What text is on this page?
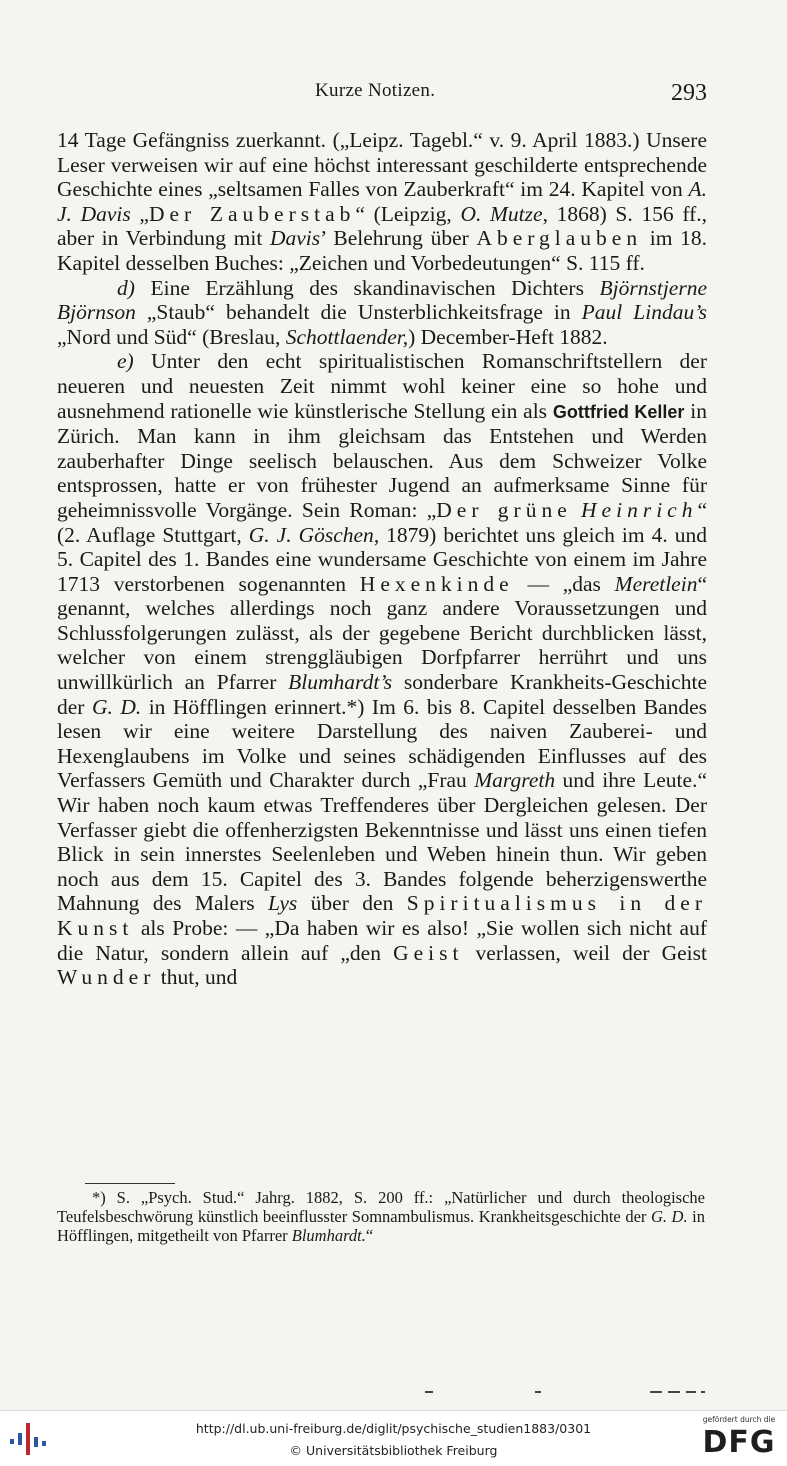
Kurze Notizen.	293

14 Tage Gefängniss zuerkannt. („Leipz. Tagebl.“ v. 9. April 1883.) Unsere Leser verweisen wir auf eine höchst interessant geschilderte entsprechende Geschichte eines „seltsamen Falles von Zauberkraft“ im 24. Kapitel von A. J. Davis „Der Zauberstab“ (Leipzig, O. Mutze, 1868) S. 156 ff., aber in Verbindung mit Davis’ Belehrung über Aberglauben im 18. Kapitel desselben Buches: „Zeichen und Vorbedeutungen“ S. 115 ff.

d) Eine Erzählung des skandinavischen Dichters Björnstjerne Björnson „Staub“ behandelt die Unsterblichkeitsfrage in Paul Lindau’s „Nord und Süd“ (Breslau, Schottlaender,) December-Heft 1882.

e) Unter den echt spiritualistischen Romanschriftstellern der neueren und neuesten Zeit nimmt wohl keiner eine so hohe und ausnehmend rationelle wie künstlerische Stellung ein als Gottfried Keller in Zürich. Man kann in ihm gleichsam das Entstehen und Werden zauberhafter Dinge seelisch belauschen. Aus dem Schweizer Volke entsprossen, hatte er von frühester Jugend an aufmerksame Sinne für geheimnissvolle Vorgänge. Sein Roman: „Der grüne Heinrich“ (2. Auflage Stuttgart, G. J. Göschen, 1879) berichtet uns gleich im 4. und 5. Capitel des 1. Bandes eine wundersame Geschichte von einem im Jahre 1713 verstorbenen sogenannten Hexenkinde — „das Meretlein“ genannt, welches allerdings noch ganz andere Voraussetzungen und Schlussfolgerungen zulässt, als der gegebene Bericht durchblicken lässt, welcher von einem strenggläubigen Dorfpfarrer herrührt und uns unwillkürlich an Pfarrer Blumhardt’s sonderbare Krankheits-Geschichte der G. D. in Höfflingen erinnert.*) Im 6. bis 8. Capitel desselben Bandes lesen wir eine weitere Darstellung des naiven Zauberei- und Hexenglaubens im Volke und seines schädigenden Einflusses auf des Verfassers Gemüth und Charakter durch „Frau Margreth und ihre Leute.“ Wir haben noch kaum etwas Treffenderes über Dergleichen gelesen. Der Verfasser giebt die offenherzigsten Bekenntnisse und lässt uns einen tiefen Blick in sein innerstes Seelenleben und Weben hinein thun. Wir geben noch aus dem 15. Capitel des 3. Bandes folgende beherzigenswerthe Mahnung des Malers Lys über den Spiritualismus in der Kunst als Probe: — „Da haben wir es also! „Sie wollen sich nicht auf die Natur, sondern allein auf „den Geist verlassen, weil der Geist Wunder thut, und

*) S. „Psych. Stud.“ Jahrg. 1882, S. 200 ff.: „Natürlicher und durch theologische Teufelsbeschwörung künstlich beeinflusster Somnambulismus. Krankheitsgeschichte der G. D. in Höfflingen, mitgetheilt von Pfarrer Blumhardt.“

http://dl.ub.uni-freiburg.de/diglit/psychische_studien1883/0301
© Universitätsbibliothek Freiburg
gefördert durch die
DFG
